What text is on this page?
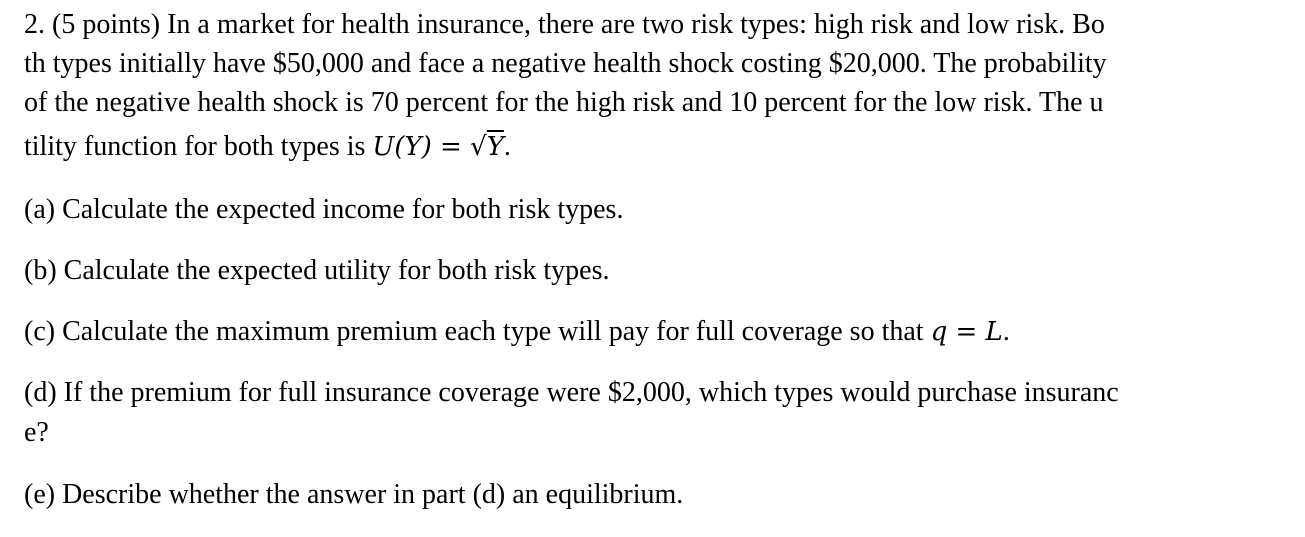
2. (5 points) In a market for health insurance, there are two risk types: high risk and low risk. Bo
th types initially have $50,000 and face a negative health shock costing $20,000. The probability
of the negative health shock is 70 percent for the high risk and 10 percent for the low risk. The u
tility function for both types is U(Y) = √Y.
(a) Calculate the expected income for both risk types.
(b) Calculate the expected utility for both risk types.
(c) Calculate the maximum premium each type will pay for full coverage so that q = L.
(d) If the premium for full insurance coverage were $2,000, which types would purchase insuranc
e?
(e) Describe whether the answer in part (d) an equilibrium.
